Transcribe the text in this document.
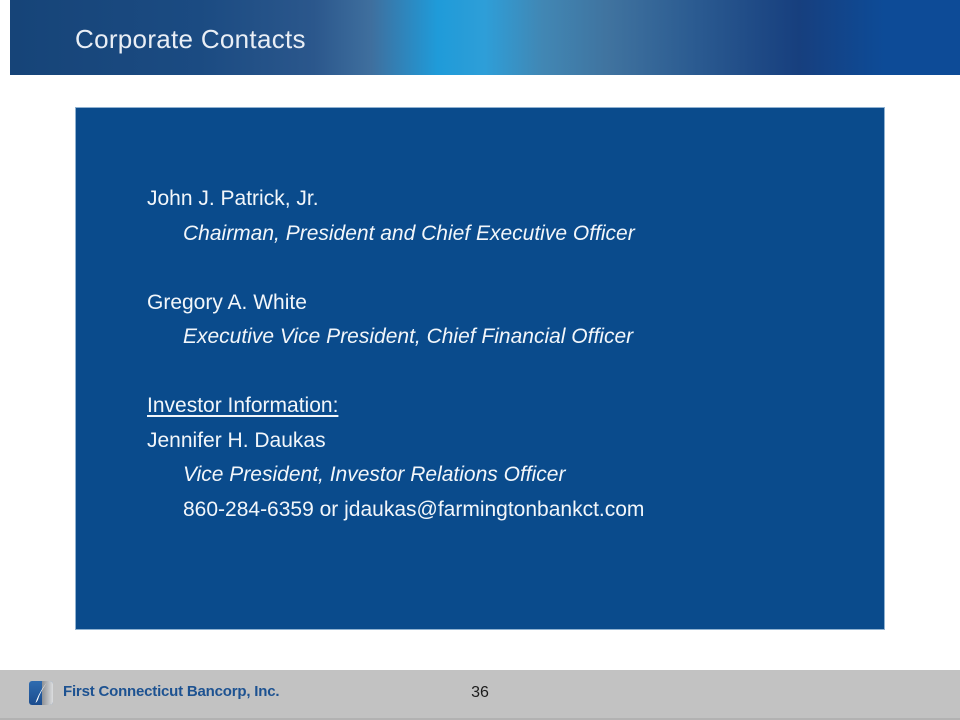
Corporate Contacts
John J. Patrick, Jr.
Chairman, President and Chief Executive Officer
Gregory A. White
Executive Vice President, Chief Financial Officer
Investor Information:
Jennifer H. Daukas
Vice President, Investor Relations Officer
860-284-6359 or jdaukas@farmingtonbankct.com
First Connecticut Bancorp, Inc.	36
